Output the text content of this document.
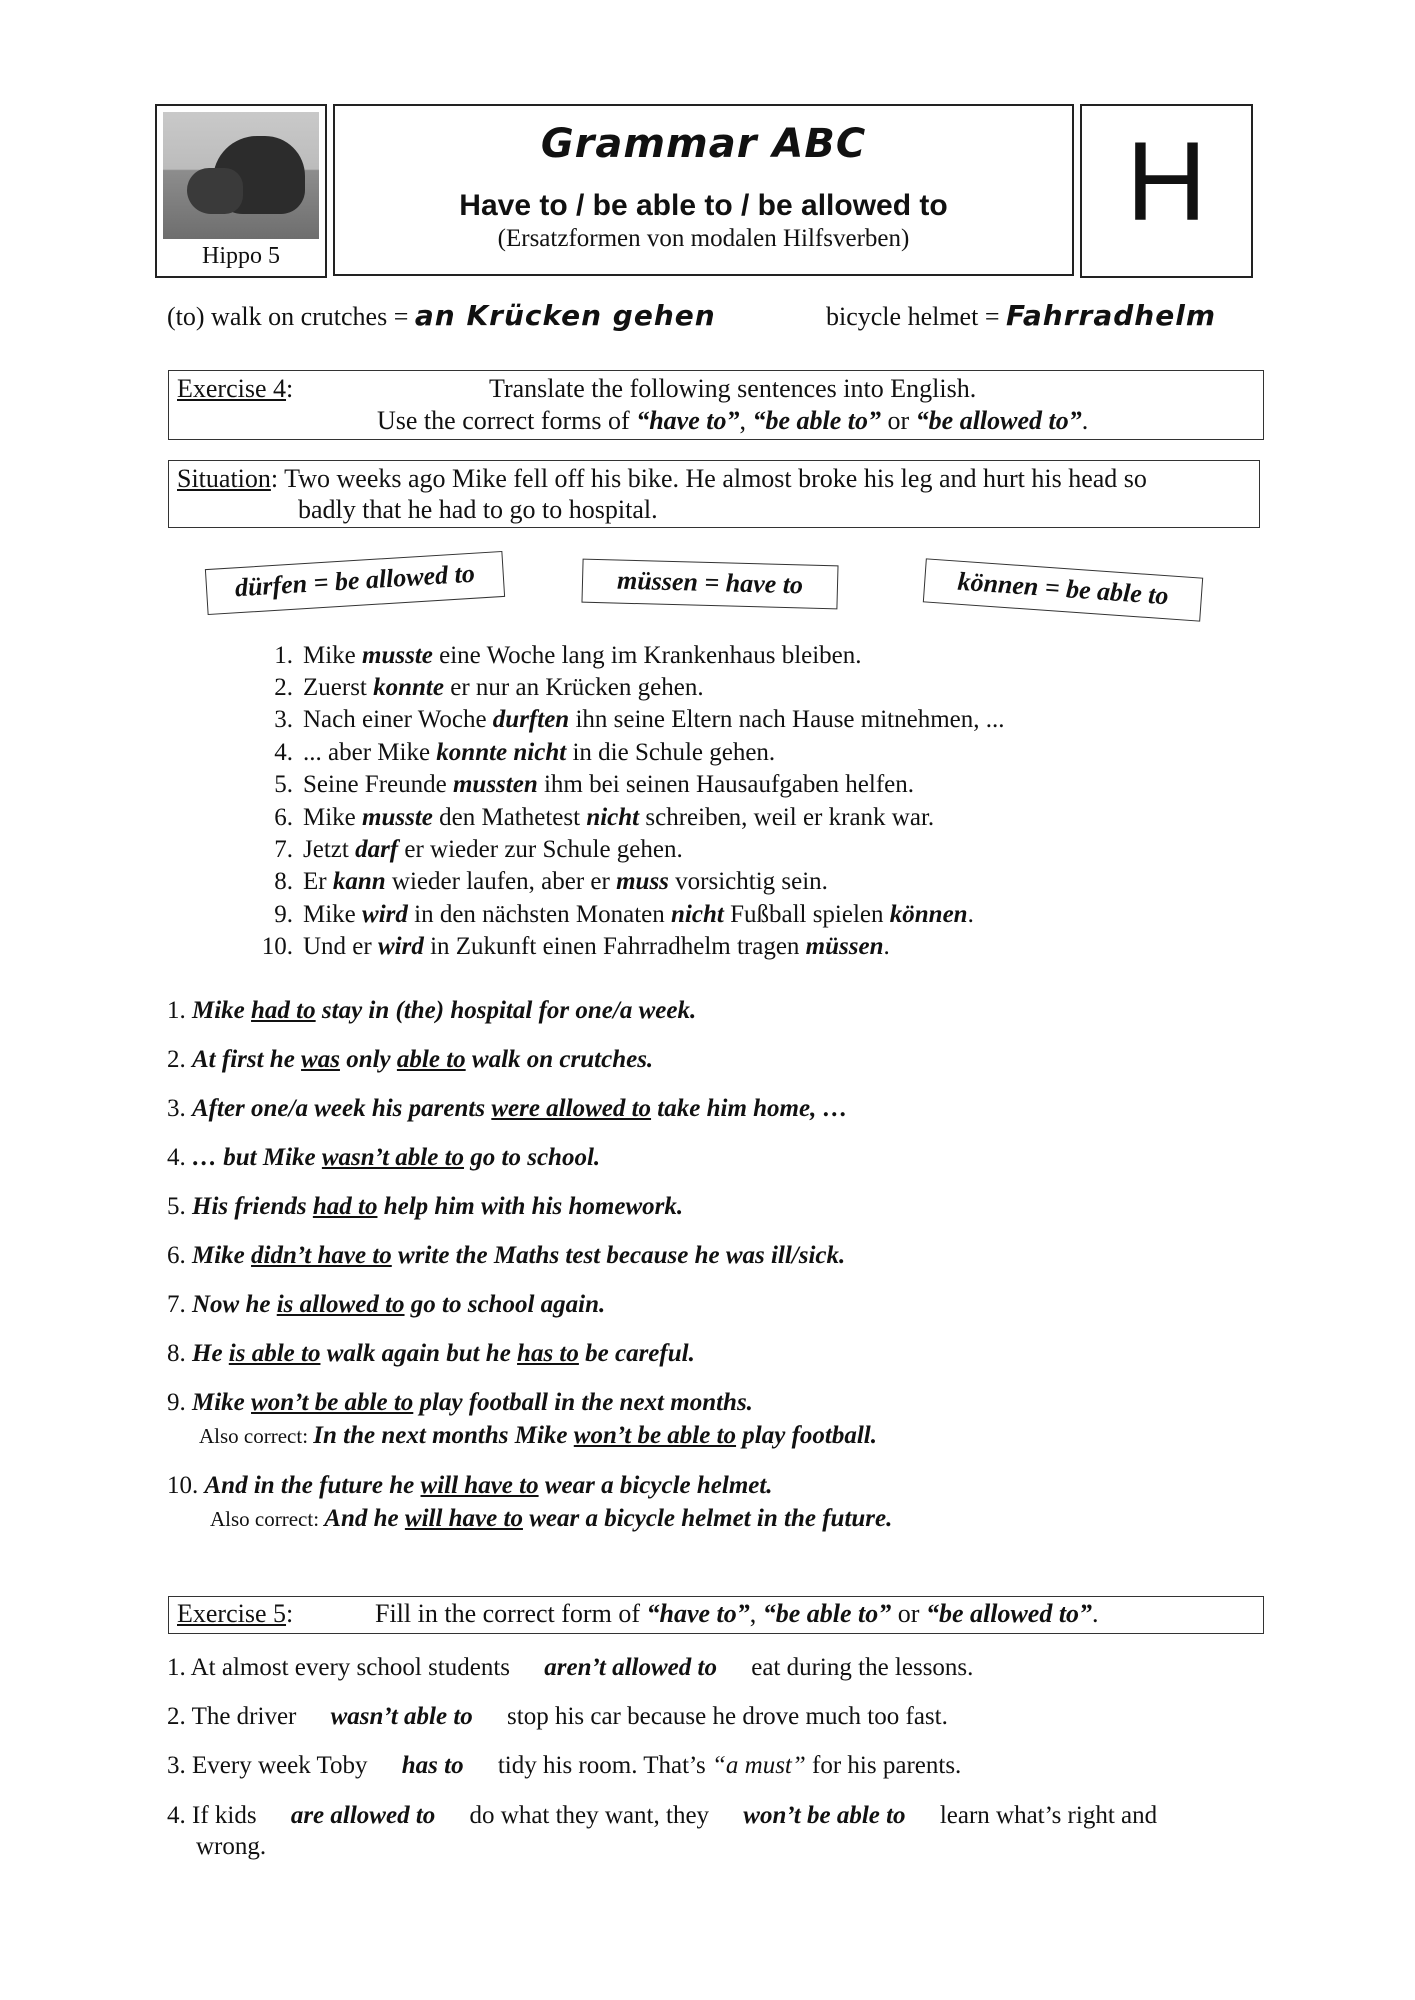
Hippo 5
Grammar ABC
Have to / be able to / be allowed to
(Ersatzformen von modalen Hilfsverben)	H
(to) walk on crutches = an Krücken gehen	bicycle helmet = Fahrradhelm
Exercise 4:	Translate the following sentences into English.
Use the correct forms of “have to”, “be able to” or “be allowed to”.
Situation: Two weeks ago Mike fell off his bike. He almost broke his leg and hurt his head so
badly that he had to go to hospital.
dürfen = be allowed to	müssen = have to	können = be able to
1. Mike musste eine Woche lang im Krankenhaus bleiben.
2. Zuerst konnte er nur an Krücken gehen.
3. Nach einer Woche durften ihn seine Eltern nach Hause mitnehmen, ...
4. ... aber Mike konnte nicht in die Schule gehen.
5. Seine Freunde mussten ihm bei seinen Hausaufgaben helfen.
6. Mike musste den Mathetest nicht schreiben, weil er krank war.
7. Jetzt darf er wieder zur Schule gehen.
8. Er kann wieder laufen, aber er muss vorsichtig sein.
9. Mike wird in den nächsten Monaten nicht Fußball spielen können.
10. Und er wird in Zukunft einen Fahrradhelm tragen müssen.
1. Mike had to stay in (the) hospital for one/a week.
2. At first he was only able to walk on crutches.
3. After one/a week his parents were allowed to take him home, …
4. … but Mike wasn’t able to go to school.
5. His friends had to help him with his homework.
6. Mike didn’t have to write the Maths test because he was ill/sick.
7. Now he is allowed to go to school again.
8. He is able to walk again but he has to be careful.
9. Mike won’t be able to play football in the next months.
10. And in the future he will have to wear a bicycle helmet.
Also correct: In the next months Mike won’t be able to play football.
Also correct: And he will have to wear a bicycle helmet in the future.
Exercise 5:	Fill in the correct form of “have to”, “be able to” or “be allowed to”.
1. At almost every school students aren’t allowed to eat during the lessons.
2. The driver wasn’t able to stop his car because he drove much too fast.
3. Every week Toby has to tidy his room. That’s “a must” for his parents.
4. If kids are allowed to do what they want, they won’t be able to learn what’s right and
wrong.
